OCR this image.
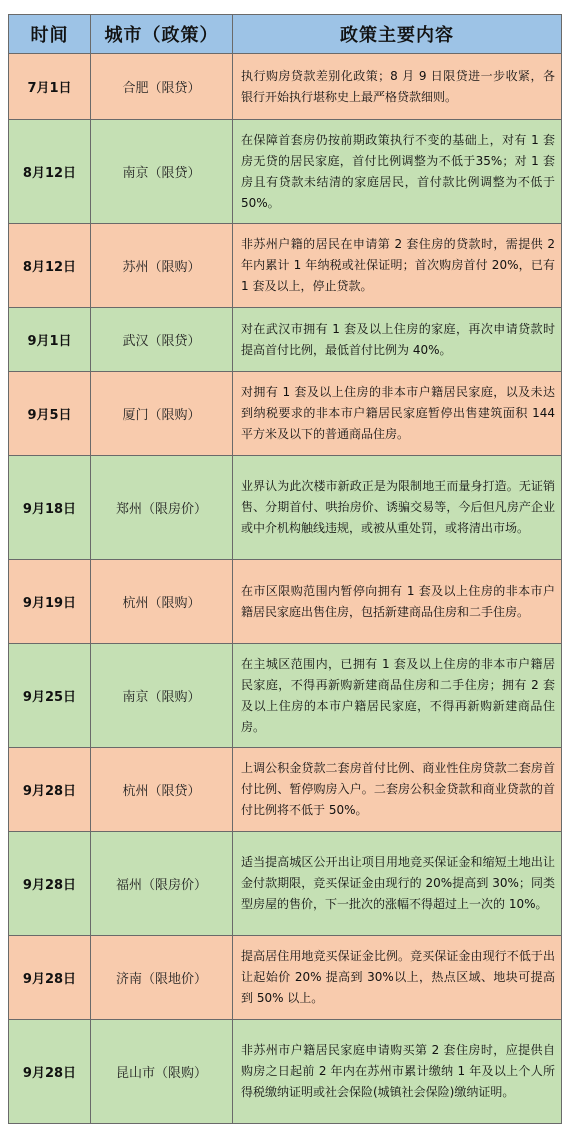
时间	城市（政策）	政策主要内容
7月1日	合肥（限贷）	执行购房贷款差别化政策；8 月 9 日限贷进一步收紧，各银行开始执行堪称史上最严格贷款细则。
8月12日	南京（限贷）	在保障首套房仍按前期政策执行不变的基础上，对有 1 套房无贷的居民家庭，首付比例调整为不低于35%；对 1 套房且有贷款未结清的家庭居民，首付款比例调整为不低于 50%。
8月12日	苏州（限购）	非苏州户籍的居民在申请第 2 套住房的贷款时，需提供 2 年内累计 1 年纳税或社保证明；首次购房首付 20%，已有 1 套及以上，停止贷款。
9月1日	武汉（限贷）	对在武汉市拥有 1 套及以上住房的家庭，再次申请贷款时提高首付比例，最低首付比例为 40%。
9月5日	厦门（限购）	对拥有 1 套及以上住房的非本市户籍居民家庭，以及未达到纳税要求的非本市户籍居民家庭暂停出售建筑面积 144 平方米及以下的普通商品住房。
9月18日	郑州（限房价）	业界认为此次楼市新政正是为限制地王而量身打造。无证销售、分期首付、哄抬房价、诱骗交易等，今后但凡房产企业或中介机构触线违规，或被从重处罚，或将清出市场。
9月19日	杭州（限购）	在市区限购范围内暂停向拥有 1 套及以上住房的非本市户籍居民家庭出售住房，包括新建商品住房和二手住房。
9月25日	南京（限购）	在主城区范围内，已拥有 1 套及以上住房的非本市户籍居民家庭，不得再新购新建商品住房和二手住房；拥有 2 套及以上住房的本市户籍居民家庭，不得再新购新建商品住房。
9月28日	杭州（限贷）	上调公积金贷款二套房首付比例、商业性住房贷款二套房首付比例、暂停购房入户。二套房公积金贷款和商业贷款的首付比例将不低于 50%。
9月28日	福州（限房价）	适当提高城区公开出让项目用地竞买保证金和缩短土地出让金付款期限，竞买保证金由现行的 20%提高到 30%；同类型房屋的售价，下一批次的涨幅不得超过上一次的 10%。
9月28日	济南（限地价）	提高居住用地竞买保证金比例。竞买保证金由现行不低于出让起始价 20% 提高到 30%以上，热点区域、地块可提高到 50% 以上。
9月28日	昆山市（限购）	非苏州市户籍居民家庭申请购买第 2 套住房时，应提供自购房之日起前 2 年内在苏州市累计缴纳 1 年及以上个人所得税缴纳证明或社会保险(城镇社会保险)缴纳证明。
